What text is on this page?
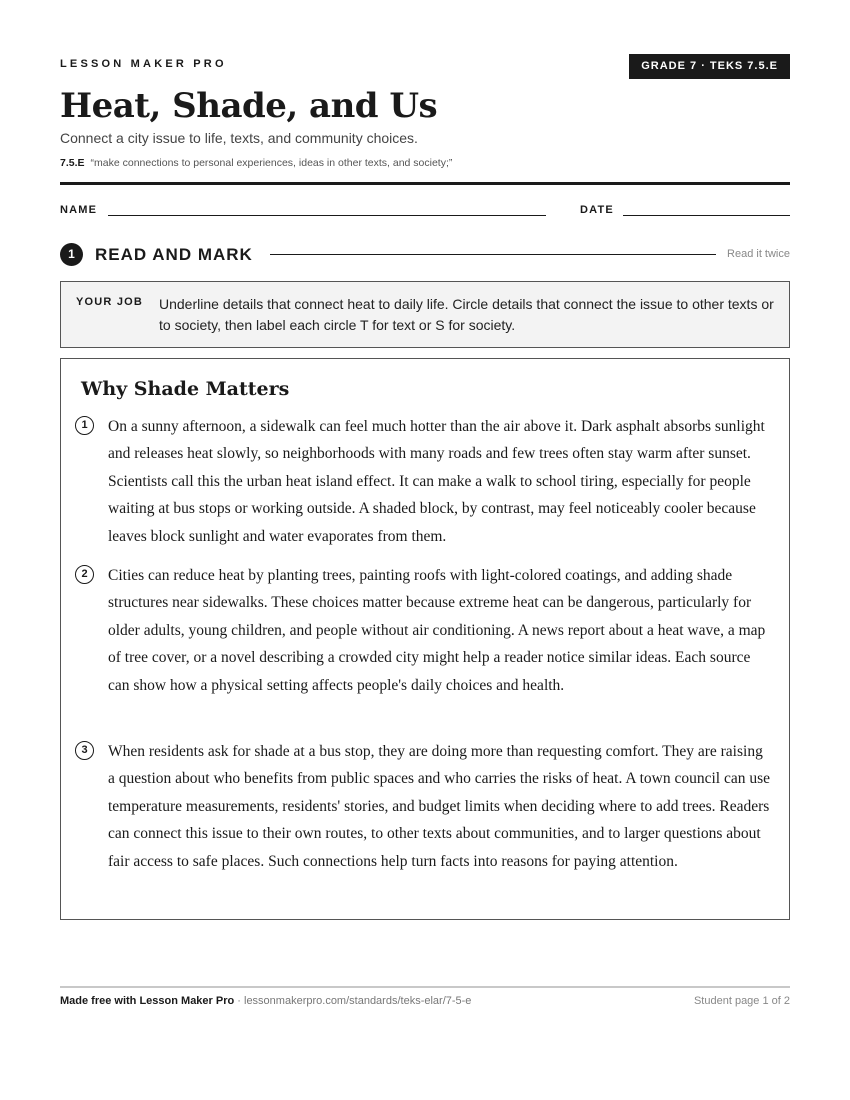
LESSON MAKER PRO	GRADE 7 · TEKS 7.5.E
Heat, Shade, and Us
Connect a city issue to life, texts, and community choices.
7.5.E “make connections to personal experiences, ideas in other texts, and society;”
NAME	DATE
1	READ AND MARK	Read it twice
YOUR JOB Underline details that connect heat to daily life. Circle details that connect the issue to other texts or to society, then label each circle T for text or S for society.
Why Shade Matters
1	On a sunny afternoon, a sidewalk can feel much hotter than the air above it. Dark asphalt absorbs sunlight and releases heat slowly, so neighborhoods with many roads and few trees often stay warm after sunset. Scientists call this the urban heat island effect. It can make a walk to school tiring, especially for people waiting at bus stops or working outside. A shaded block, by contrast, may feel noticeably cooler because leaves block sunlight and water evaporates from them.
2	Cities can reduce heat by planting trees, painting roofs with light-colored coatings, and adding shade structures near sidewalks. These choices matter because extreme heat can be dangerous, particularly for older adults, young children, and people without air conditioning. A news report about a heat wave, a map of tree cover, or a novel describing a crowded city might help a reader notice similar ideas. Each source can show how a physical setting affects people's daily choices and health.
3	When residents ask for shade at a bus stop, they are doing more than requesting comfort. They are raising a question about who benefits from public spaces and who carries the risks of heat. A town council can use temperature measurements, residents' stories, and budget limits when deciding where to add trees. Readers can connect this issue to their own routes, to other texts about communities, and to larger questions about fair access to safe places. Such connections help turn facts into reasons for paying attention.
Made free with Lesson Maker Pro · lessonmakerpro.com/standards/teks-elar/7-5-e	Student page 1 of 2
